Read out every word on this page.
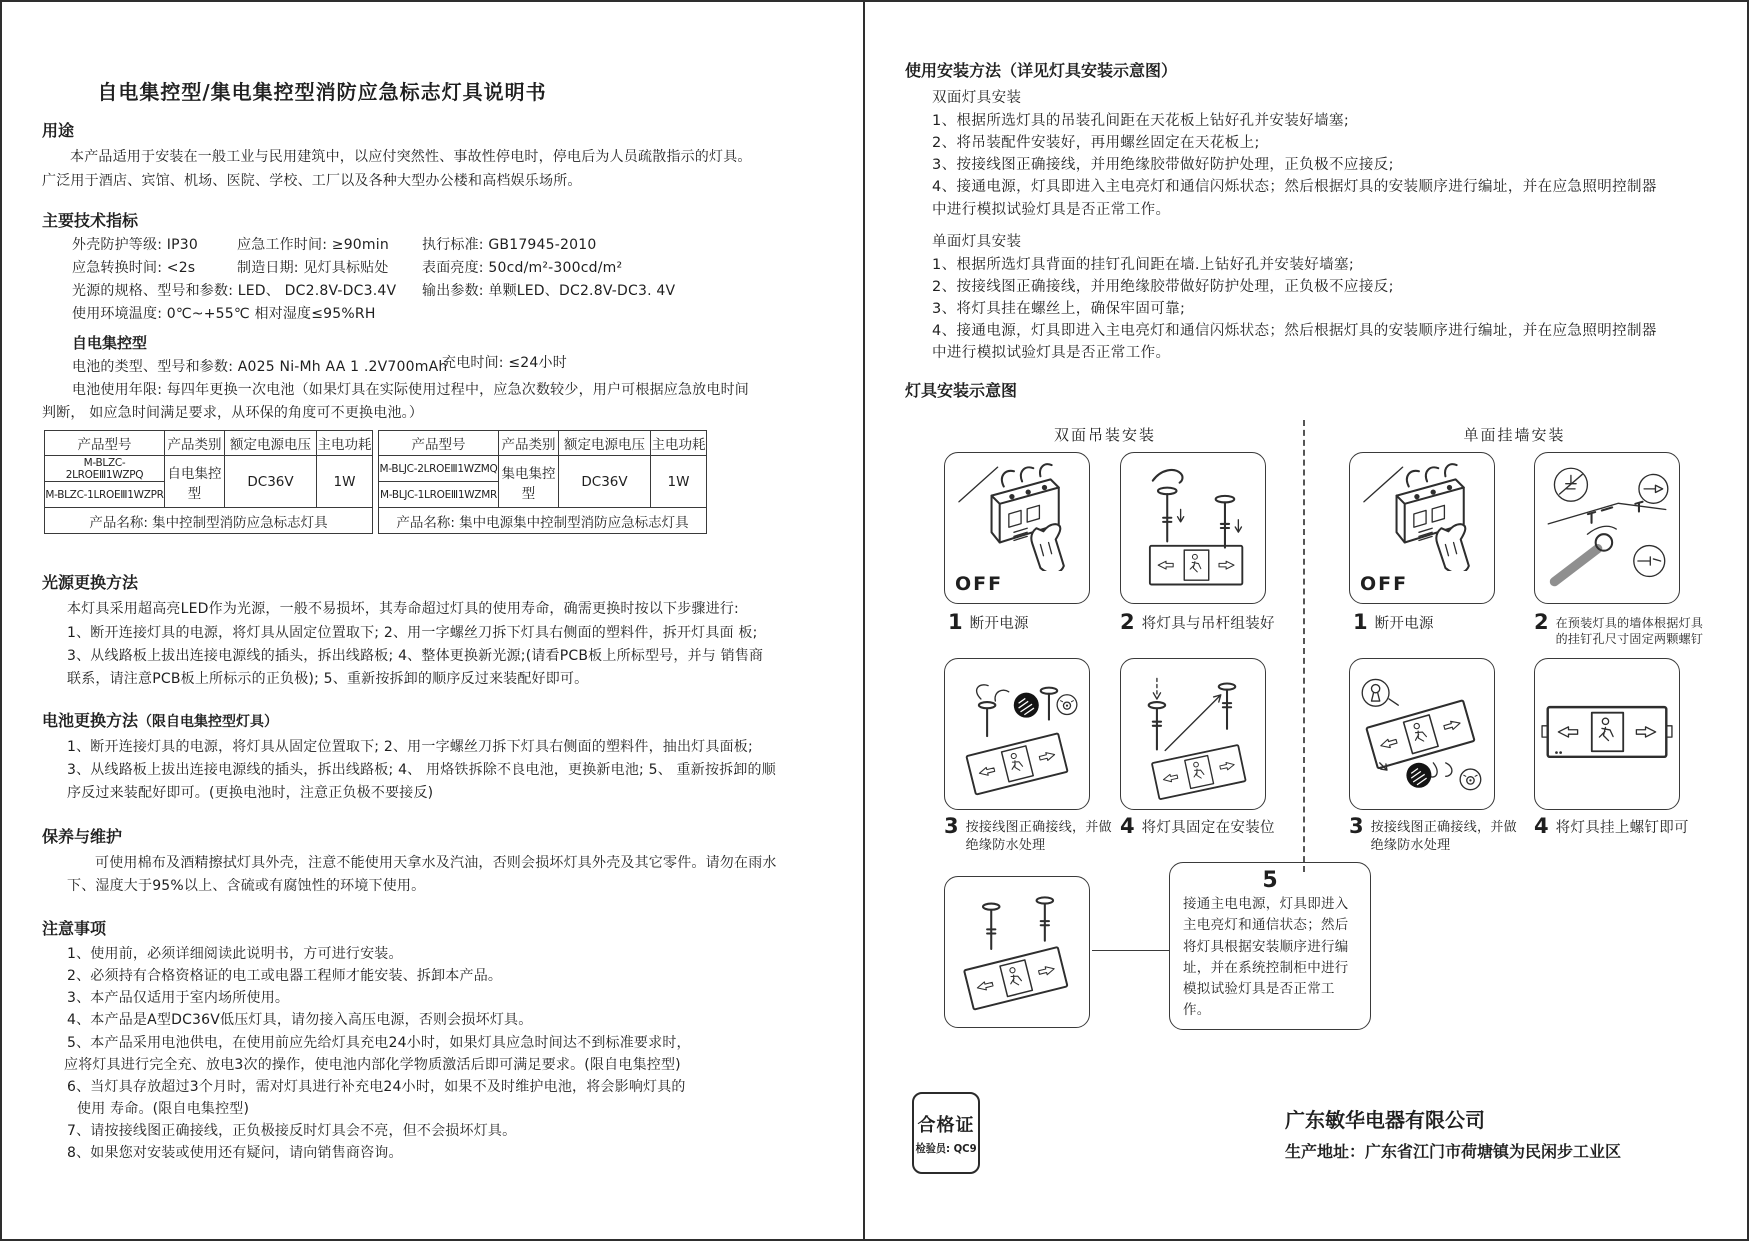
自电集控型/集电集控型消防应急标志灯具说明书
用途
本产品适用于安装在一般工业与民用建筑中，以应付突然性、事故性停电时，停电后为人员疏散指示的灯具。
广泛用于酒店、宾馆、机场、医院、学校、工厂以及各种大型办公楼和高档娱乐场所。
主要技术指标
外壳防护等级: IP30	应急工作时间: ≥90min 执行标准: GB17945-2010
应急转换时间: <2s	制造日期: 见灯具标贴处 表面亮度: 50cd/m²-300cd/m²
光源的规格、型号和参数: LED、 DC2.8V-DC3.4V 输出参数: 单颗LED、DC2.8V-DC3. 4V
使用环境温度: 0℃~+55℃ 相对湿度≤95%RH
自电集控型
电池的类型、型号和参数: A025 Ni-Mh AA 1 .2V700mAh
充电时间: ≤24小时
电池使用年限: 每四年更换一次电池（如果灯具在实际使用过程中，应急次数较少，用户可根据应急放电时间
判断， 如应急时间满足要求，从环保的角度可不更换电池。）
产品型号	产品类别	额定电源电压	主电功耗
M-BLZC-2LROEⅢ1WZPQ	自电集控型	DC36V	1W
M-BLZC-1LROEⅢ1WZPR			
产品名称: 集中控制型消防应急标志灯具			
产品型号	产品类别	额定电源电压	主电功耗
M-BLJC-2LROEⅢ1WZMQ	集电集控型	DC36V	1W
M-BLJC-1LROEⅢ1WZMR			
产品名称: 集中电源集中控制型消防应急标志灯具			
光源更换方法
本灯具采用超高亮LED作为光源，一般不易损坏，其寿命超过灯具的使用寿命，确需更换时按以下步骤进行:
1、断开连接灯具的电源，将灯具从固定位置取下; 2、用一字螺丝刀拆下灯具右侧面的塑料件，拆开灯具面 板;
3、从线路板上拔出连接电源线的插头，拆出线路板; 4、整体更换新光源;(请看PCB板上所标型号，并与 销售商
联系，请注意PCB板上所标示的正负极); 5、重新按拆卸的顺序反过来装配好即可。
电池更换方法（限自电集控型灯具）
1、断开连接灯具的电源，将灯具从固定位置取下; 2、用一字螺丝刀拆下灯具右侧面的塑料件，抽出灯具面板;
3、从线路板上拔出连接电源线的插头，拆出线路板; 4、 用烙铁拆除不良电池，更换新电池; 5、 重新按拆卸的顺
序反过来装配好即可。(更换电池时，注意正负极不要接反)
保养与维护
可使用棉布及酒精擦拭灯具外壳，注意不能使用天拿水及汽油，否则会损坏灯具外壳及其它零件。请勿在雨水
下、湿度大于95%以上、含硫或有腐蚀性的环境下使用。
注意事项
1、使用前，必须详细阅读此说明书，方可进行安装。
2、必须持有合格资格证的电工或电器工程师才能安装、拆卸本产品。
3、本产品仅适用于室内场所使用。
4、本产品是A型DC36V低压灯具，请勿接入高压电源，否则会损坏灯具。
5、本产品采用电池供电，在使用前应先给灯具充电24小时，如果灯具应急时间达不到标准要求时，
应将灯具进行完全充、放电3次的操作，使电池内部化学物质激活后即可满足要求。(限自电集控型)
6、当灯具存放超过3个月时，需对灯具进行补充电24小时，如果不及时维护电池，将会影响灯具的
使用 寿命。(限自电集控型)
7、请按接线图正确接线，正负极接反时灯具会不亮，但不会损坏灯具。
8、如果您对安装或使用还有疑问，请向销售商咨询。
使用安装方法（详见灯具安装示意图）
双面灯具安装
1、根据所选灯具的吊装孔间距在天花板上钻好孔并安装好墙塞;
2、将吊装配件安装好，再用螺丝固定在天花板上;
3、按接线图正确接线，并用绝缘胶带做好防护处理，正负极不应接反;
4、接通电源，灯具即进入主电亮灯和通信闪烁状态；然后根据灯具的安装顺序进行编址，并在应急照明控制器
中进行模拟试验灯具是否正常工作。
单面灯具安装
1、根据所选灯具背面的挂钉孔间距在墙.上钻好孔并安装好墙塞;
2、按接线图正确接线，并用绝缘胶带做好防护处理，正负极不应接反;
3、将灯具挂在螺丝上，确保牢固可靠;
4、接通电源，灯具即进入主电亮灯和通信闪烁状态；然后根据灯具的安装顺序进行编址，并在应急照明控制器
中进行模拟试验灯具是否正常工作。
灯具安装示意图
双面吊装安装	单面挂墙安装
OFF	OFF
1 断开电源	2 将灯具与吊杆组装好	1 断开电源	2 在预装灯具的墙体根据灯具的挂钉孔尺寸固定两颗螺钉
3 按接线图正确接线，并做绝缘防水处理
4 将灯具固定在安装位	3 按接线图正确接线，并做绝缘防水处理
4 将灯具挂上螺钉即可
5
接通主电电源，灯具即进入主电亮灯和通信状态；然后将灯具根据安装顺序进行编址，并在系统控制柜中进行模拟试验灯具是否正常工作。
合格证
检验员: QC9
广东敏华电器有限公司
生产地址：广东省江门市荷塘镇为民闲步工业区
